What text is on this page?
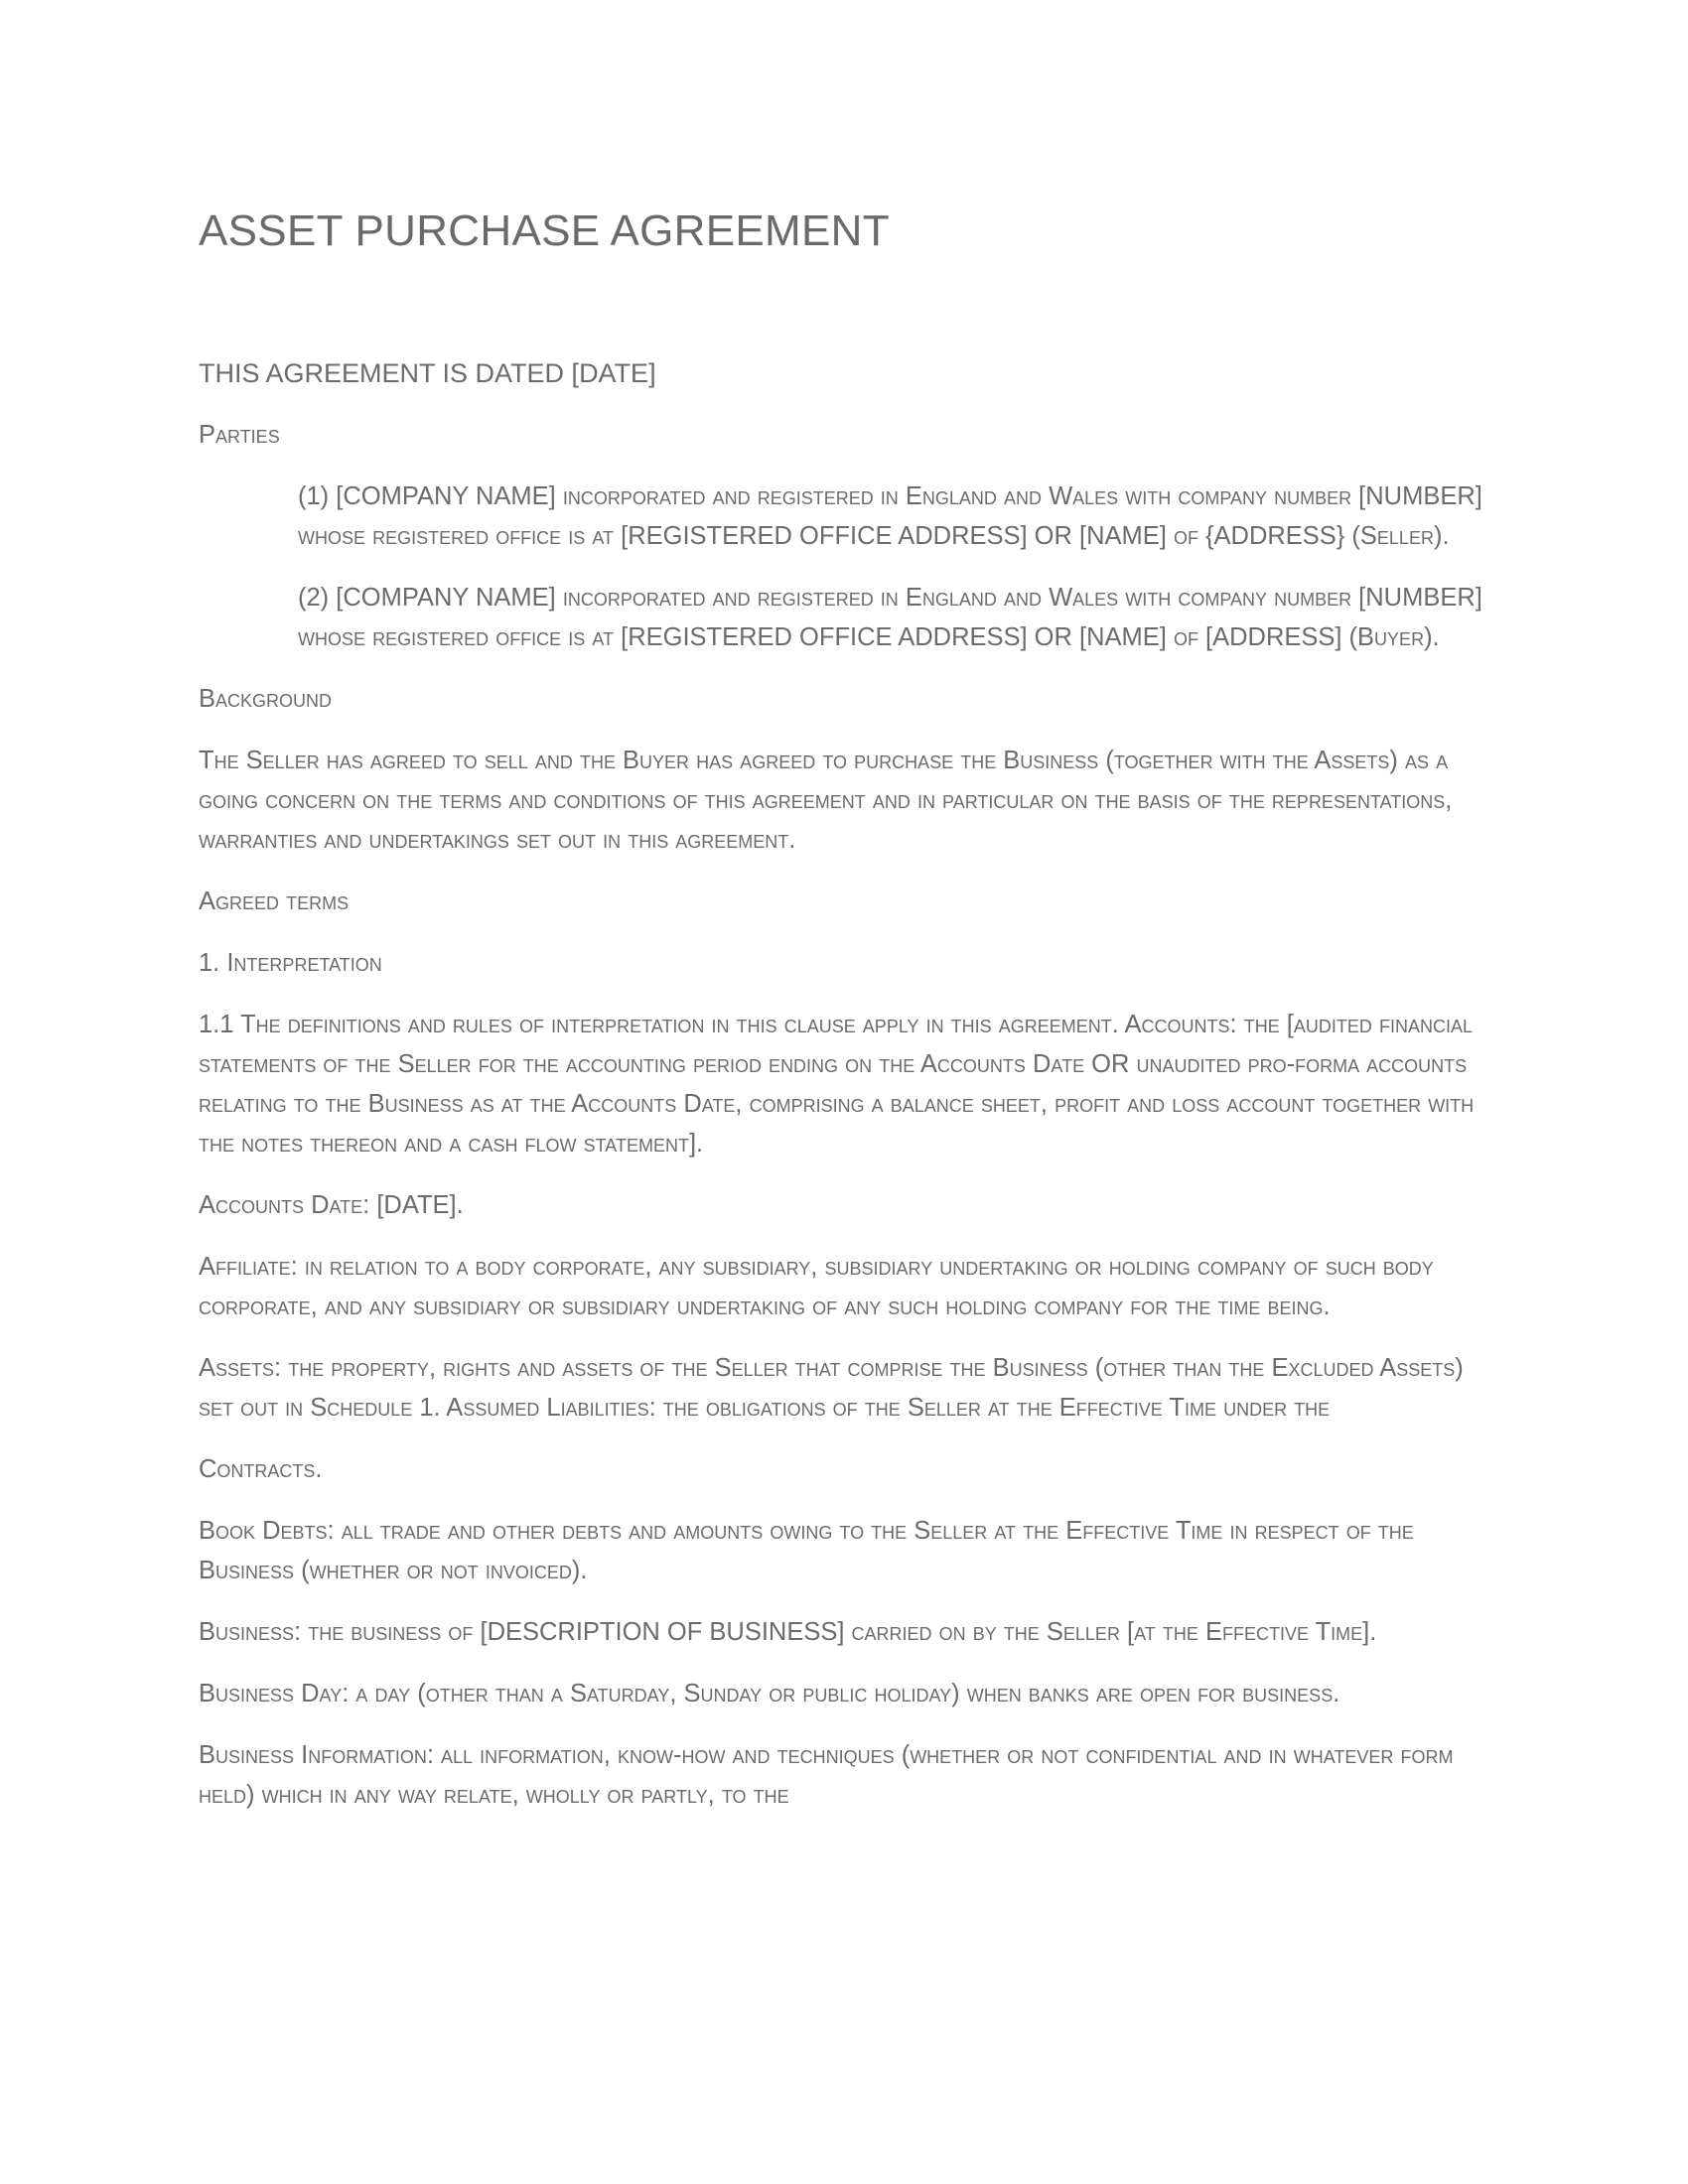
ASSET PURCHASE AGREEMENT

THIS AGREEMENT IS DATED [DATE]

Parties

(1) [COMPANY NAME] incorporated and registered in England and Wales with company number [NUMBER] whose registered office is at [REGISTERED OFFICE ADDRESS] OR [NAME] of {ADDRESS} (Seller).

(2) [COMPANY NAME] incorporated and registered in England and Wales with company number [NUMBER] whose registered office is at [REGISTERED OFFICE ADDRESS] OR [NAME] of [ADDRESS] (Buyer).

Background

The Seller has agreed to sell and the Buyer has agreed to purchase the Business (together with the Assets) as a going concern on the terms and conditions of this agreement and in particular on the basis of the representations, warranties and undertakings set out in this agreement.

Agreed terms

1. Interpretation

1.1 The definitions and rules of interpretation in this clause apply in this agreement. Accounts: the [audited financial statements of the Seller for the accounting period ending on the Accounts Date OR unaudited pro-forma accounts relating to the Business as at the Accounts Date, comprising a balance sheet, profit and loss account together with the notes thereon and a cash flow statement].

Accounts Date: [DATE].

Affiliate: in relation to a body corporate, any subsidiary, subsidiary undertaking or holding company of such body corporate, and any subsidiary or subsidiary undertaking of any such holding company for the time being.

Assets: the property, rights and assets of the Seller that comprise the Business (other than the Excluded Assets) set out in Schedule 1. Assumed Liabilities: the obligations of the Seller at the Effective Time under the

Contracts.

Book Debts: all trade and other debts and amounts owing to the Seller at the Effective Time in respect of the Business (whether or not invoiced).

Business: the business of [DESCRIPTION OF BUSINESS] carried on by the Seller [at the Effective Time].

Business Day: a day (other than a Saturday, Sunday or public holiday) when banks are open for business.

Business Information: all information, know-how and techniques (whether or not confidential and in whatever form held) which in any way relate, wholly or partly, to the
